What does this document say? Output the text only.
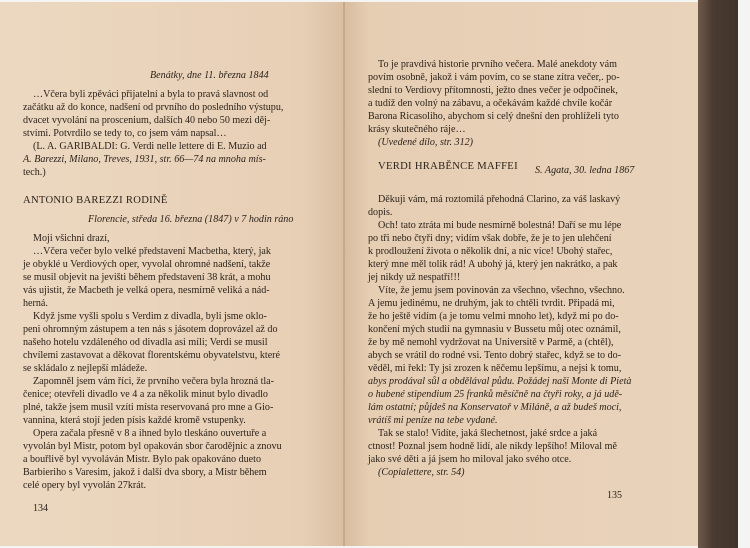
Benátky, dne 11. března 1844
…Včera byli zpěváci přijatelní a byla to pravá slavnost od
začátku až do konce, nadšení od prvního do posledního výstupu,
dvacet vyvolání na proscenium, dalších 40 nebo 50 mezi děj-
stvími. Potvrdilo se tedy to, co jsem vám napsal…
(L. A. GARIBALDI: G. Verdi nelle lettere di E. Muzio ad
A. Barezzi, Milano, Treves, 1931, str. 66—74 na mnoha mís-
tech.)
ANTONIO BAREZZI RODINĚ
Florencie, středa 16. března (1847) v 7 hodin ráno
Moji všichni drazí,
…Včera večer bylo velké představení Macbetha, který, jak
je obyklé u Verdiových oper, vyvolal ohromné nadšení, takže
se musil objevit na jevišti během představení 38 krát, a mohu
vás ujistit, že Macbeth je velká opera, nesmírně veliká a nád-
herná.
Když jsme vyšli spolu s Verdim z divadla, byli jsme oklo-
peni ohromným zástupem a ten nás s jásotem doprovázel až do
našeho hotelu vzdáleného od divadla asi míli; Verdi se musil
chvílemi zastavovat a děkovat florentskému obyvatelstvu, které
se skládalo z nejlepší mládeže.
Zapomněl jsem vám říci, že prvního večera byla hrozná tla-
čenice; otevřeli divadlo ve 4 a za několik minut bylo divadlo
plné, takže jsem musil vzíti místa reservovaná pro mne a Gio-
vannina, která stojí jeden písis každé kromě vstupenky.
Opera začala přesně v 8 a ihned bylo tleskáno ouvertuře a
vyvolán byl Mistr, potom byl opakován sbor čarodějnic a znovu
a bouřlivě byl vyvoláván Mistr. Bylo pak opakováno dueto
Barbieriho s Varesim, jakož i další dva sbory, a Mistr během
celé opery byl vyvolán 27krát.
134
To je pravdivá historie prvního večera. Malé anekdoty vám
povím osobně, jakož i vám povím, co se stane zítra večer,. po-
slední to Verdiovy přítomnosti, ježto dnes večer je odpočinek,
a tudíž den volný na zábavu, a očekávám každé chvíle kočár
Barona Ricasoliho, abychom si celý dnešní den prohlíželi tyto
krásy skutečného ráje…
(Uvedené dílo, str. 312)
VERDI HRABĚNCE MAFFEI S. Agata, 30. ledna 1867
Děkuji vám, má roztomilá přehodná Clarino, za váš laskavý
dopis.
Och! tato ztráta mi bude nesmírně bolestná! Daří se mu lépe
po tři nebo čtyři dny; vidím však dobře, že je to jen ulehčení
k prodloužení života o několik dní, a nic více! Ubohý stařec,
který mne měl tolik rád! A ubohý já, který jen nakrátko, a pak
jej nikdy už nespatří!!!
Víte, že jemu jsem povinován za všechno, všechno, všechno.
A jemu jedinému, ne druhým, jak to chtěli tvrdit. Připadá mi,
že ho ještě vidím (a je tomu velmi mnoho let), když mi po do-
končení mých studií na gymnasiu v Bussetu můj otec oznámil,
že by mě nemohl vydržovat na Universitě v Parmě, a (chtěl),
abych se vrátil do rodné vsi. Tento dobrý stařec, když se to do-
věděl, mi řekl: Ty jsi zrozen k něčemu lepšímu, a nejsi k tomu,
abys prodával sůl a obdělával půdu. Požádej naši Monte di Pietà
o hubené stipendium 25 franků měsíčně na čtyři roky, a já udě-
lám ostatní; půjdeš na Konservatoř v Miláně, a až budeš moci,
vrátíš mi peníze na tebe vydané.
Tak se stalo! Vidíte, jaká šlechetnost, jaké srdce a jaká
ctnost! Poznal jsem hodně lidí, ale nikdy lepšího! Miloval mě
jako své děti a já jsem ho miloval jako svého otce.
(Copialettere, str. 54)
135
